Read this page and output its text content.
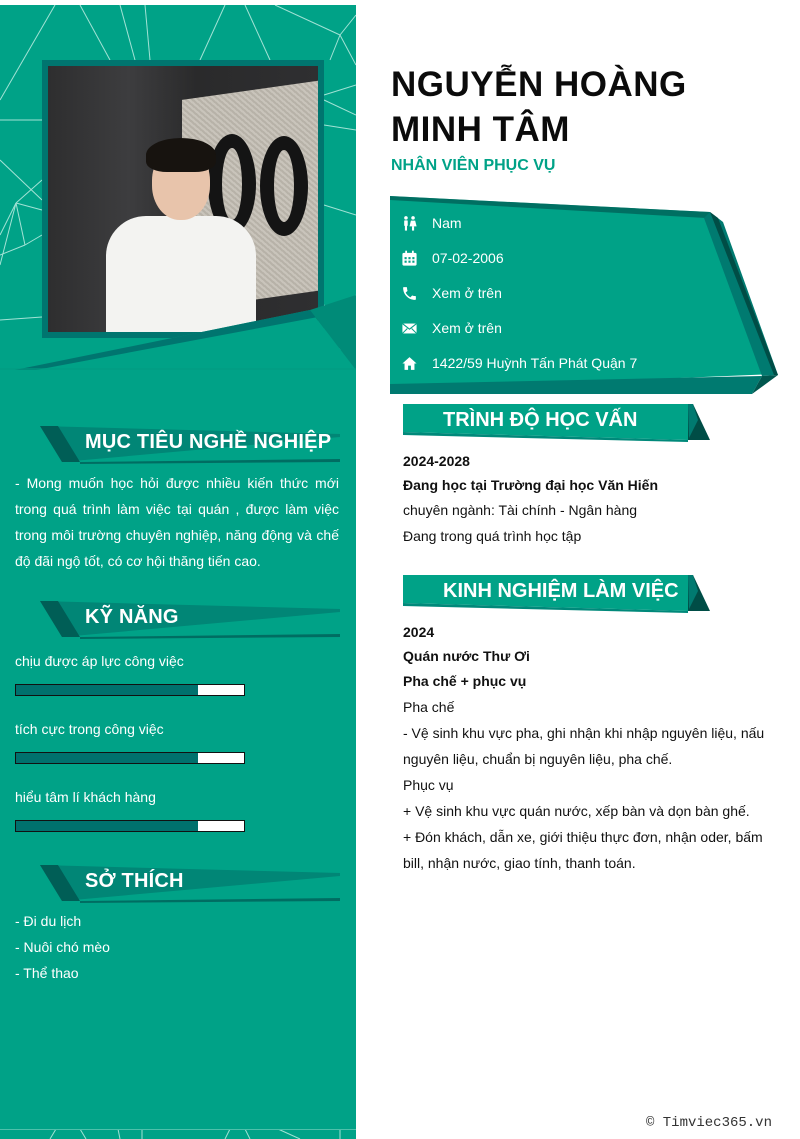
MỤC TIÊU NGHỀ NGHIỆP

- Mong muốn học hỏi được nhiều kiến thức mới trong quá trình làm việc tại quán , được làm việc trong môi trường chuyên nghiệp, năng động và chế độ đãi ngộ tốt, có cơ hội thăng tiến cao.

KỸ NĂNG
chịu được áp lực công việc
tích cực trong công việc
hiểu tâm lí khách hàng
SỞ THÍCH
- Đi du lịch
- Nuôi chó mèo
- Thể thao
NGUYỄN HOÀNG
MINH TÂM
NHÂN VIÊN PHỤC VỤ
Nam
07-02-2006
Xem ở trên
Xem ở trên
1422/59 Huỳnh Tấn Phát Quận 7
TRÌNH ĐỘ HỌC VẤN
2024-2028
Đang học tại Trường đại học Văn Hiến
chuyên ngành: Tài chính - Ngân hàng
Đang trong quá trình học tập
KINH NGHIỆM LÀM VIỆC
2024
Quán nước Thư Ơi
Pha chế + phục vụ
Pha chế
- Vệ sinh khu vực pha, ghi nhận khi nhập nguyên liệu, nấu nguyên liệu, chuẩn bị nguyên liệu, pha chế.
Phục vụ
+ Vệ sinh khu vực quán nước, xếp bàn và dọn bàn ghế.
+ Đón khách, dẫn xe, giới thiệu thực đơn, nhận oder, bấm bill, nhận nước, giao tính, thanh toán.
© Timviec365.vn
